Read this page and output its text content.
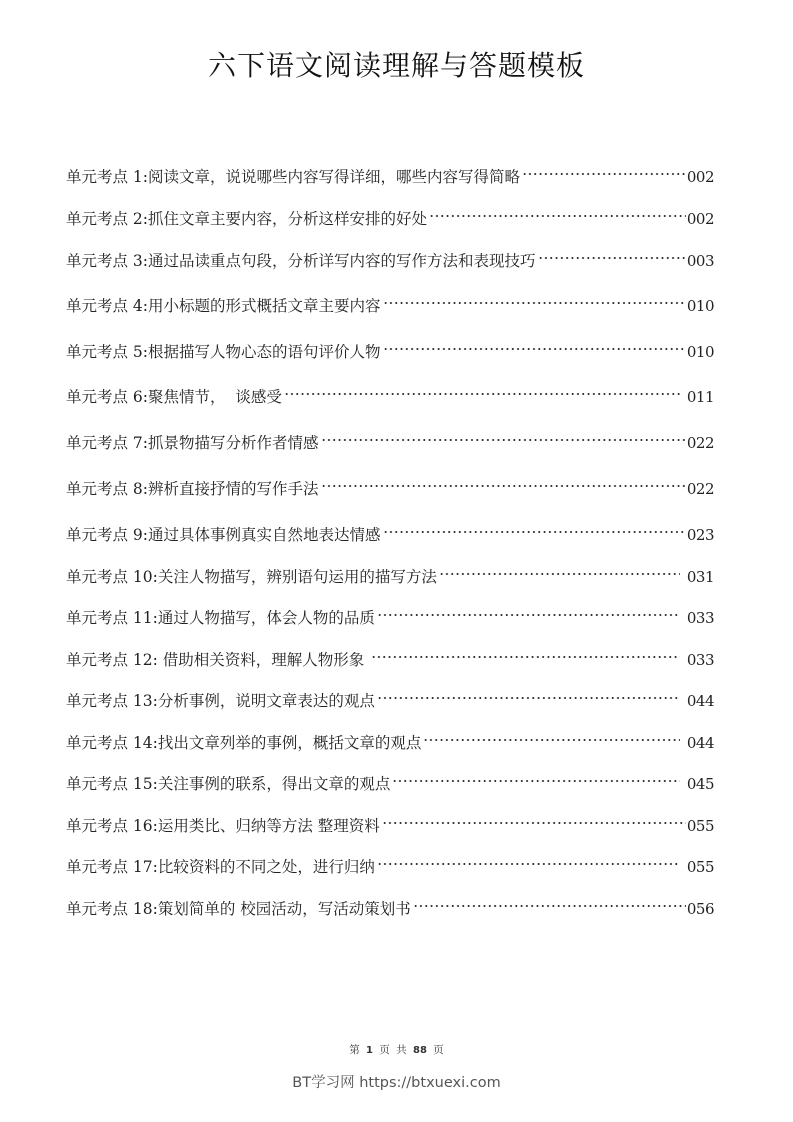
六下语文阅读理解与答题模板
单元考点 1:阅读文章，说说哪些内容写得详细，哪些内容写得简略	002
单元考点 2:抓住文章主要内容，分析这样安排的好处	002
单元考点 3:通过品读重点句段，分析详写内容的写作方法和表现技巧	003
单元考点 4:用小标题的形式概括文章主要内容	010
单元考点 5:根据描写人物心态的语句评价人物	010
单元考点 6:聚焦情节，  谈感受	011
单元考点 7:抓景物描写分析作者情感	022
单元考点 8:辨析直接抒情的写作手法	022
单元考点 9:通过具体事例真实自然地表达情感	023
单元考点 10:关注人物描写，辨别语句运用的描写方法	031
单元考点 11:通过人物描写，体会人物的品质	033
单元考点 12: 借助相关资料，理解人物形象	033
单元考点 13:分析事例，说明文章表达的观点	044
单元考点 14:找出文章列举的事例，概括文章的观点	044
单元考点 15:关注事例的联系，得出文章的观点	045
单元考点 16:运用类比、归纳等方法 整理资料	055
单元考点 17:比较资料的不同之处，进行归纳	055
单元考点 18:策划简单的 校园活动，写活动策划书	056
第 1 页 共 88 页
BT学习网 https://btxuexi.com
